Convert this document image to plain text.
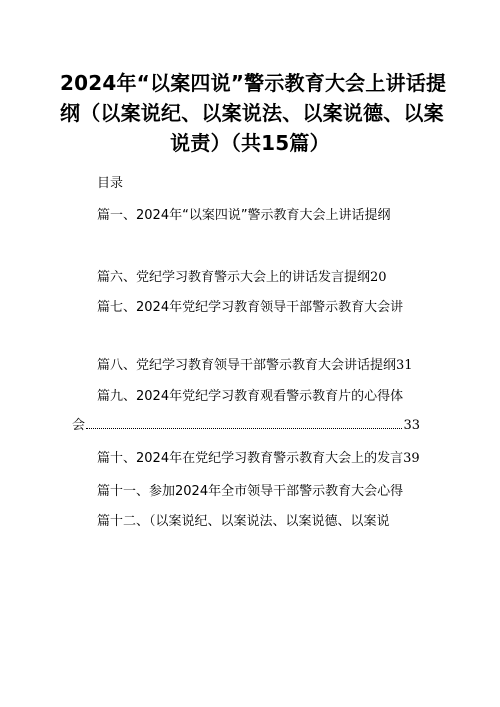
2024年“以案四说”警示教育大会上讲话提
纲（以案说纪、以案说法、以案说德、以案
说责）（共15篇）
目录
篇一、2024年“以案四说”警示教育大会上讲话提纲
篇六、党纪学习教育警示大会上的讲话发言提纲20
篇七、2024年党纪学习教育领导干部警示教育大会讲
篇八、党纪学习教育领导干部警示教育大会讲话提纲31
篇九、2024年党纪学习教育观看警示教育片的心得体
会	33
篇十、2024年在党纪学习教育警示教育大会上的发言39
篇十一、参加2024年全市领导干部警示教育大会心得
篇十二、（以案说纪、以案说法、以案说德、以案说
